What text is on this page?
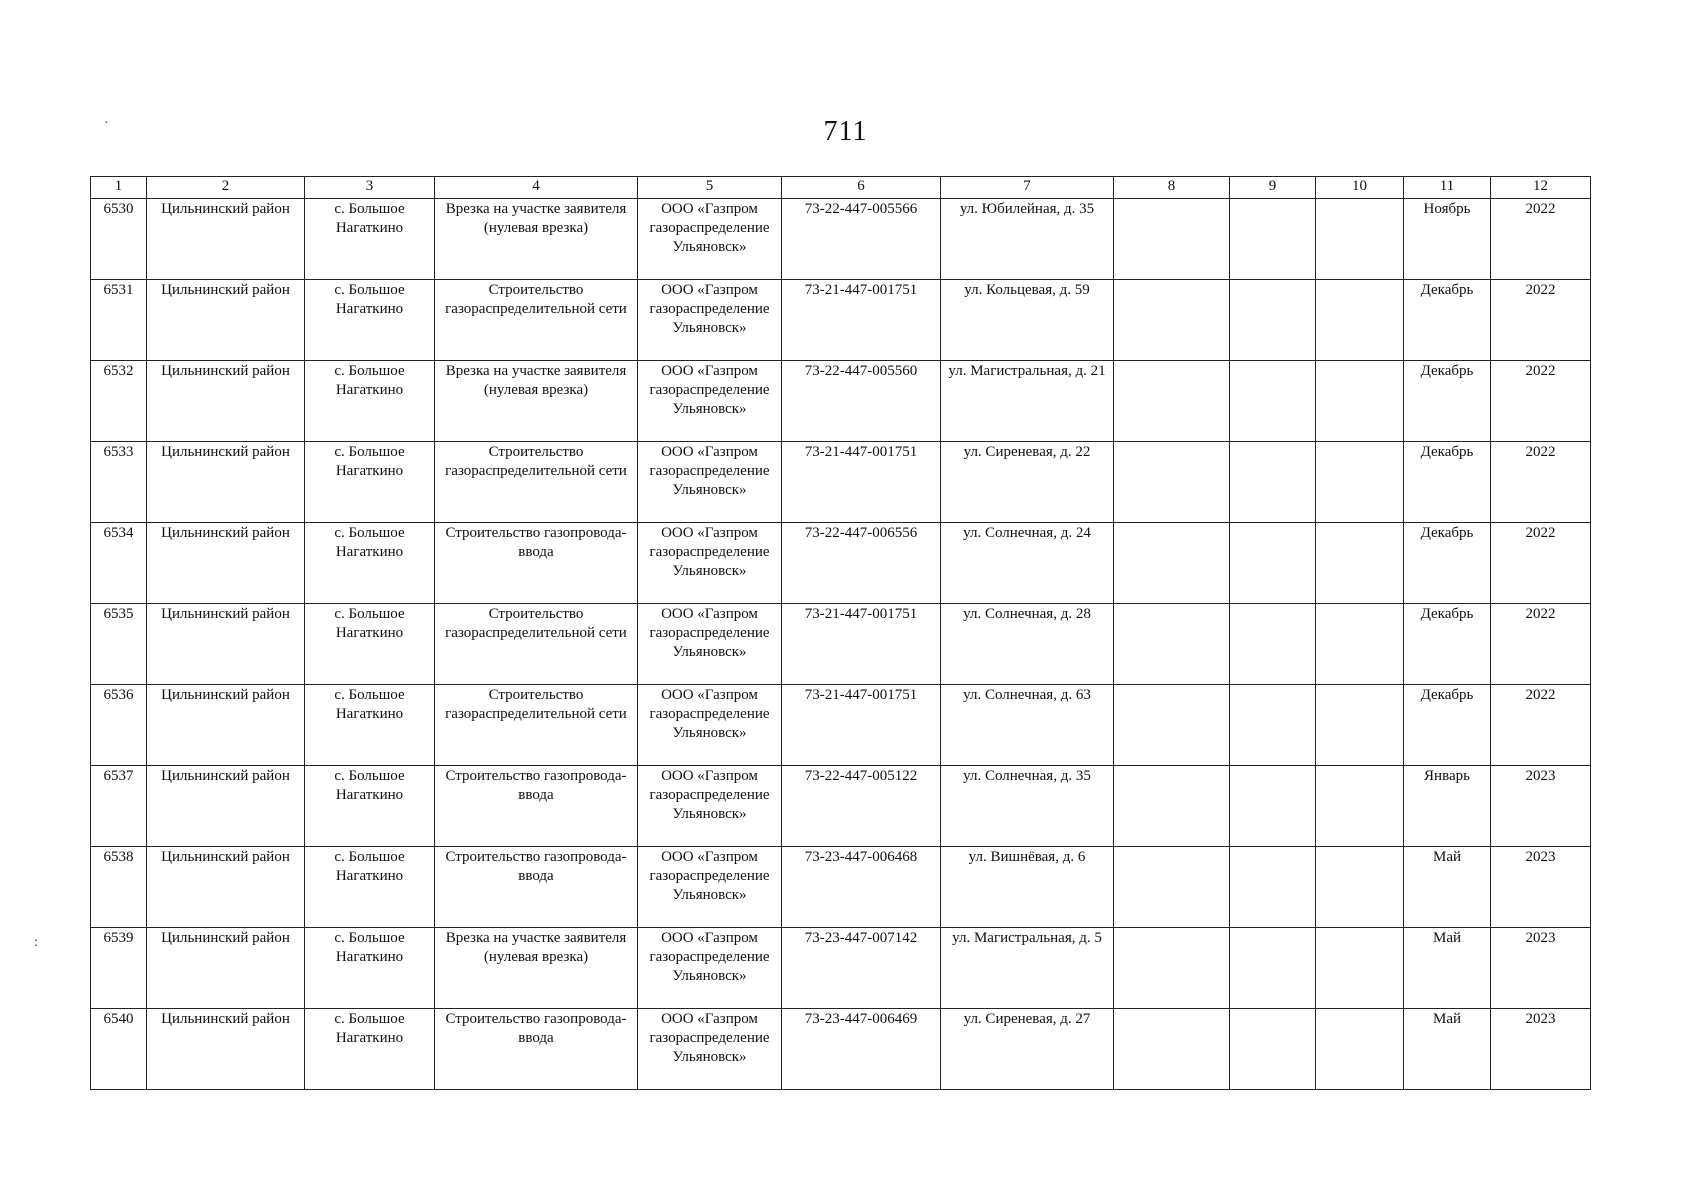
711
·
:
1	2	3	4	5	6	7	8	9	10	11	12
6530	Цильнинский район	с. Большое Нагаткино	Врезка на участке заявителя (нулевая врезка)	ООО «Газпром газораспределение Ульяновск»	73-22-447-005566	ул. Юбилейная, д. 35				Ноябрь	2022
6531	Цильнинский район	с. Большое Нагаткино	Строительство газораспределительной сети	ООО «Газпром газораспределение Ульяновск»	73-21-447-001751	ул. Кольцевая, д. 59				Декабрь	2022
6532	Цильнинский район	с. Большое Нагаткино	Врезка на участке заявителя (нулевая врезка)	ООО «Газпром газораспределение Ульяновск»	73-22-447-005560	ул. Магистральная, д. 21				Декабрь	2022
6533	Цильнинский район	с. Большое Нагаткино	Строительство газораспределительной сети	ООО «Газпром газораспределение Ульяновск»	73-21-447-001751	ул. Сиреневая, д. 22				Декабрь	2022
6534	Цильнинский район	с. Большое Нагаткино	Строительство газопровода-ввода	ООО «Газпром газораспределение Ульяновск»	73-22-447-006556	ул. Солнечная, д. 24				Декабрь	2022
6535	Цильнинский район	с. Большое Нагаткино	Строительство газораспределительной сети	ООО «Газпром газораспределение Ульяновск»	73-21-447-001751	ул. Солнечная, д. 28				Декабрь	2022
6536	Цильнинский район	с. Большое Нагаткино	Строительство газораспределительной сети	ООО «Газпром газораспределение Ульяновск»	73-21-447-001751	ул. Солнечная, д. 63				Декабрь	2022
6537	Цильнинский район	с. Большое Нагаткино	Строительство газопровода-ввода	ООО «Газпром газораспределение Ульяновск»	73-22-447-005122	ул. Солнечная, д. 35				Январь	2023
6538	Цильнинский район	с. Большое Нагаткино	Строительство газопровода-ввода	ООО «Газпром газораспределение Ульяновск»	73-23-447-006468	ул. Вишнёвая, д. 6				Май	2023
6539	Цильнинский район	с. Большое Нагаткино	Врезка на участке заявителя (нулевая врезка)	ООО «Газпром газораспределение Ульяновск»	73-23-447-007142	ул. Магистральная, д. 5				Май	2023
6540	Цильнинский район	с. Большое Нагаткино	Строительство газопровода-ввода	ООО «Газпром газораспределение Ульяновск»	73-23-447-006469	ул. Сиреневая, д. 27				Май	2023
